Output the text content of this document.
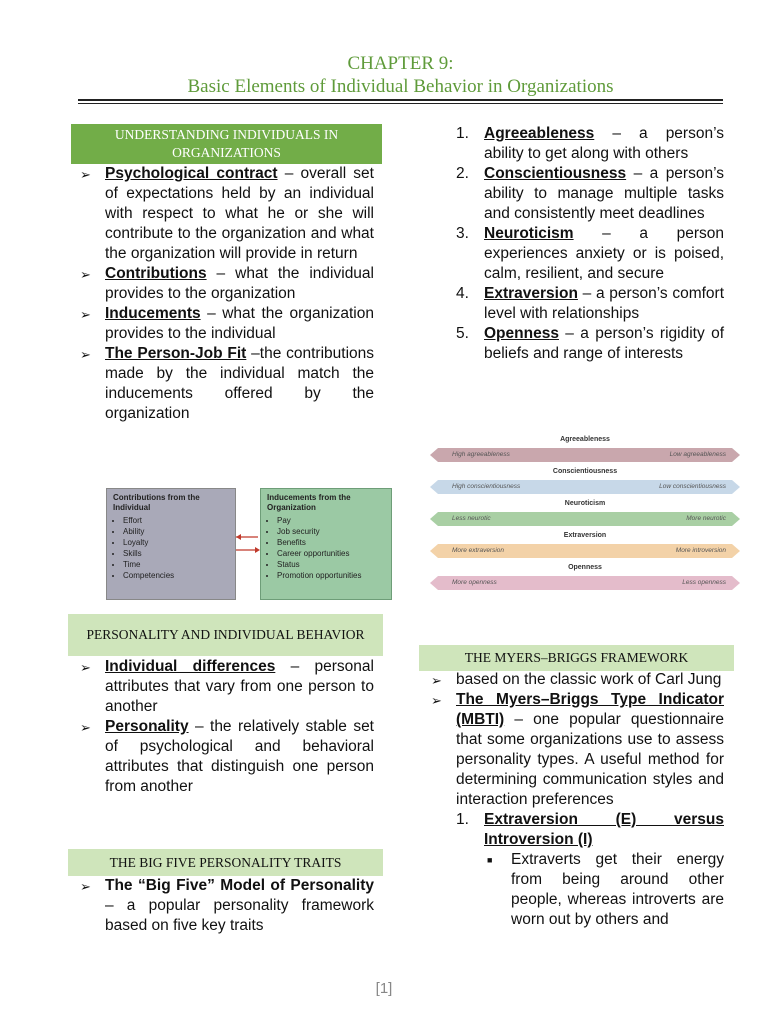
CHAPTER 9:
Basic Elements of Individual Behavior in Organizations
UNDERSTANDING INDIVIDUALS IN ORGANIZATIONS
➢ Psychological contract – overall set of expectations held by an individual with respect to what he or she will contribute to the organization and what the organization will provide in return
➢ Contributions – what the individual provides to the organization
➢ Inducements – what the organization provides to the individual
➢ The Person-Job Fit –the contributions made by the individual match the inducements offered by the organization
Contributions from the Individual
• Effort
• Ability
• Loyalty
• Skills
• Time
• Competencies
Inducements from the Organization
• Pay
• Job security
• Benefits
• Career opportunities
• Status
• Promotion opportunities
PERSONALITY AND INDIVIDUAL BEHAVIOR
➢ Individual differences – personal attributes that vary from one person to another
➢ Personality – the relatively stable set of psychological and behavioral attributes that distinguish one person from another
THE BIG FIVE PERSONALITY TRAITS
➢ The “Big Five” Model of Personality – a popular personality framework based on five key traits
1. Agreeableness – a person’s ability to get along with others
2. Conscientiousness – a person’s ability to manage multiple tasks and consistently meet deadlines
3. Neuroticism – a person experiences anxiety or is poised, calm, resilient, and secure
4. Extraversion – a person’s comfort level with relationships
5. Openness – a person’s rigidity of beliefs and range of interests
Agreeableness
High agreeableness	Low agreeableness
Conscientiousness
High conscientiousness	Low conscientiousness
Neuroticism
Less neurotic	More neurotic
Extraversion
More extraversion	More introversion
Openness
More openness	Less openness
THE MYERS–BRIGGS FRAMEWORK
➢ based on the classic work of Carl Jung
➢ The Myers–Briggs Type Indicator (MBTI) – one popular questionnaire that some organizations use to assess personality types. A useful method for determining communication styles and interaction preferences
1. Extraversion (E) versus Introversion (I)
■ Extraverts get their energy from being around other people, whereas introverts are worn out by others and
[1]
